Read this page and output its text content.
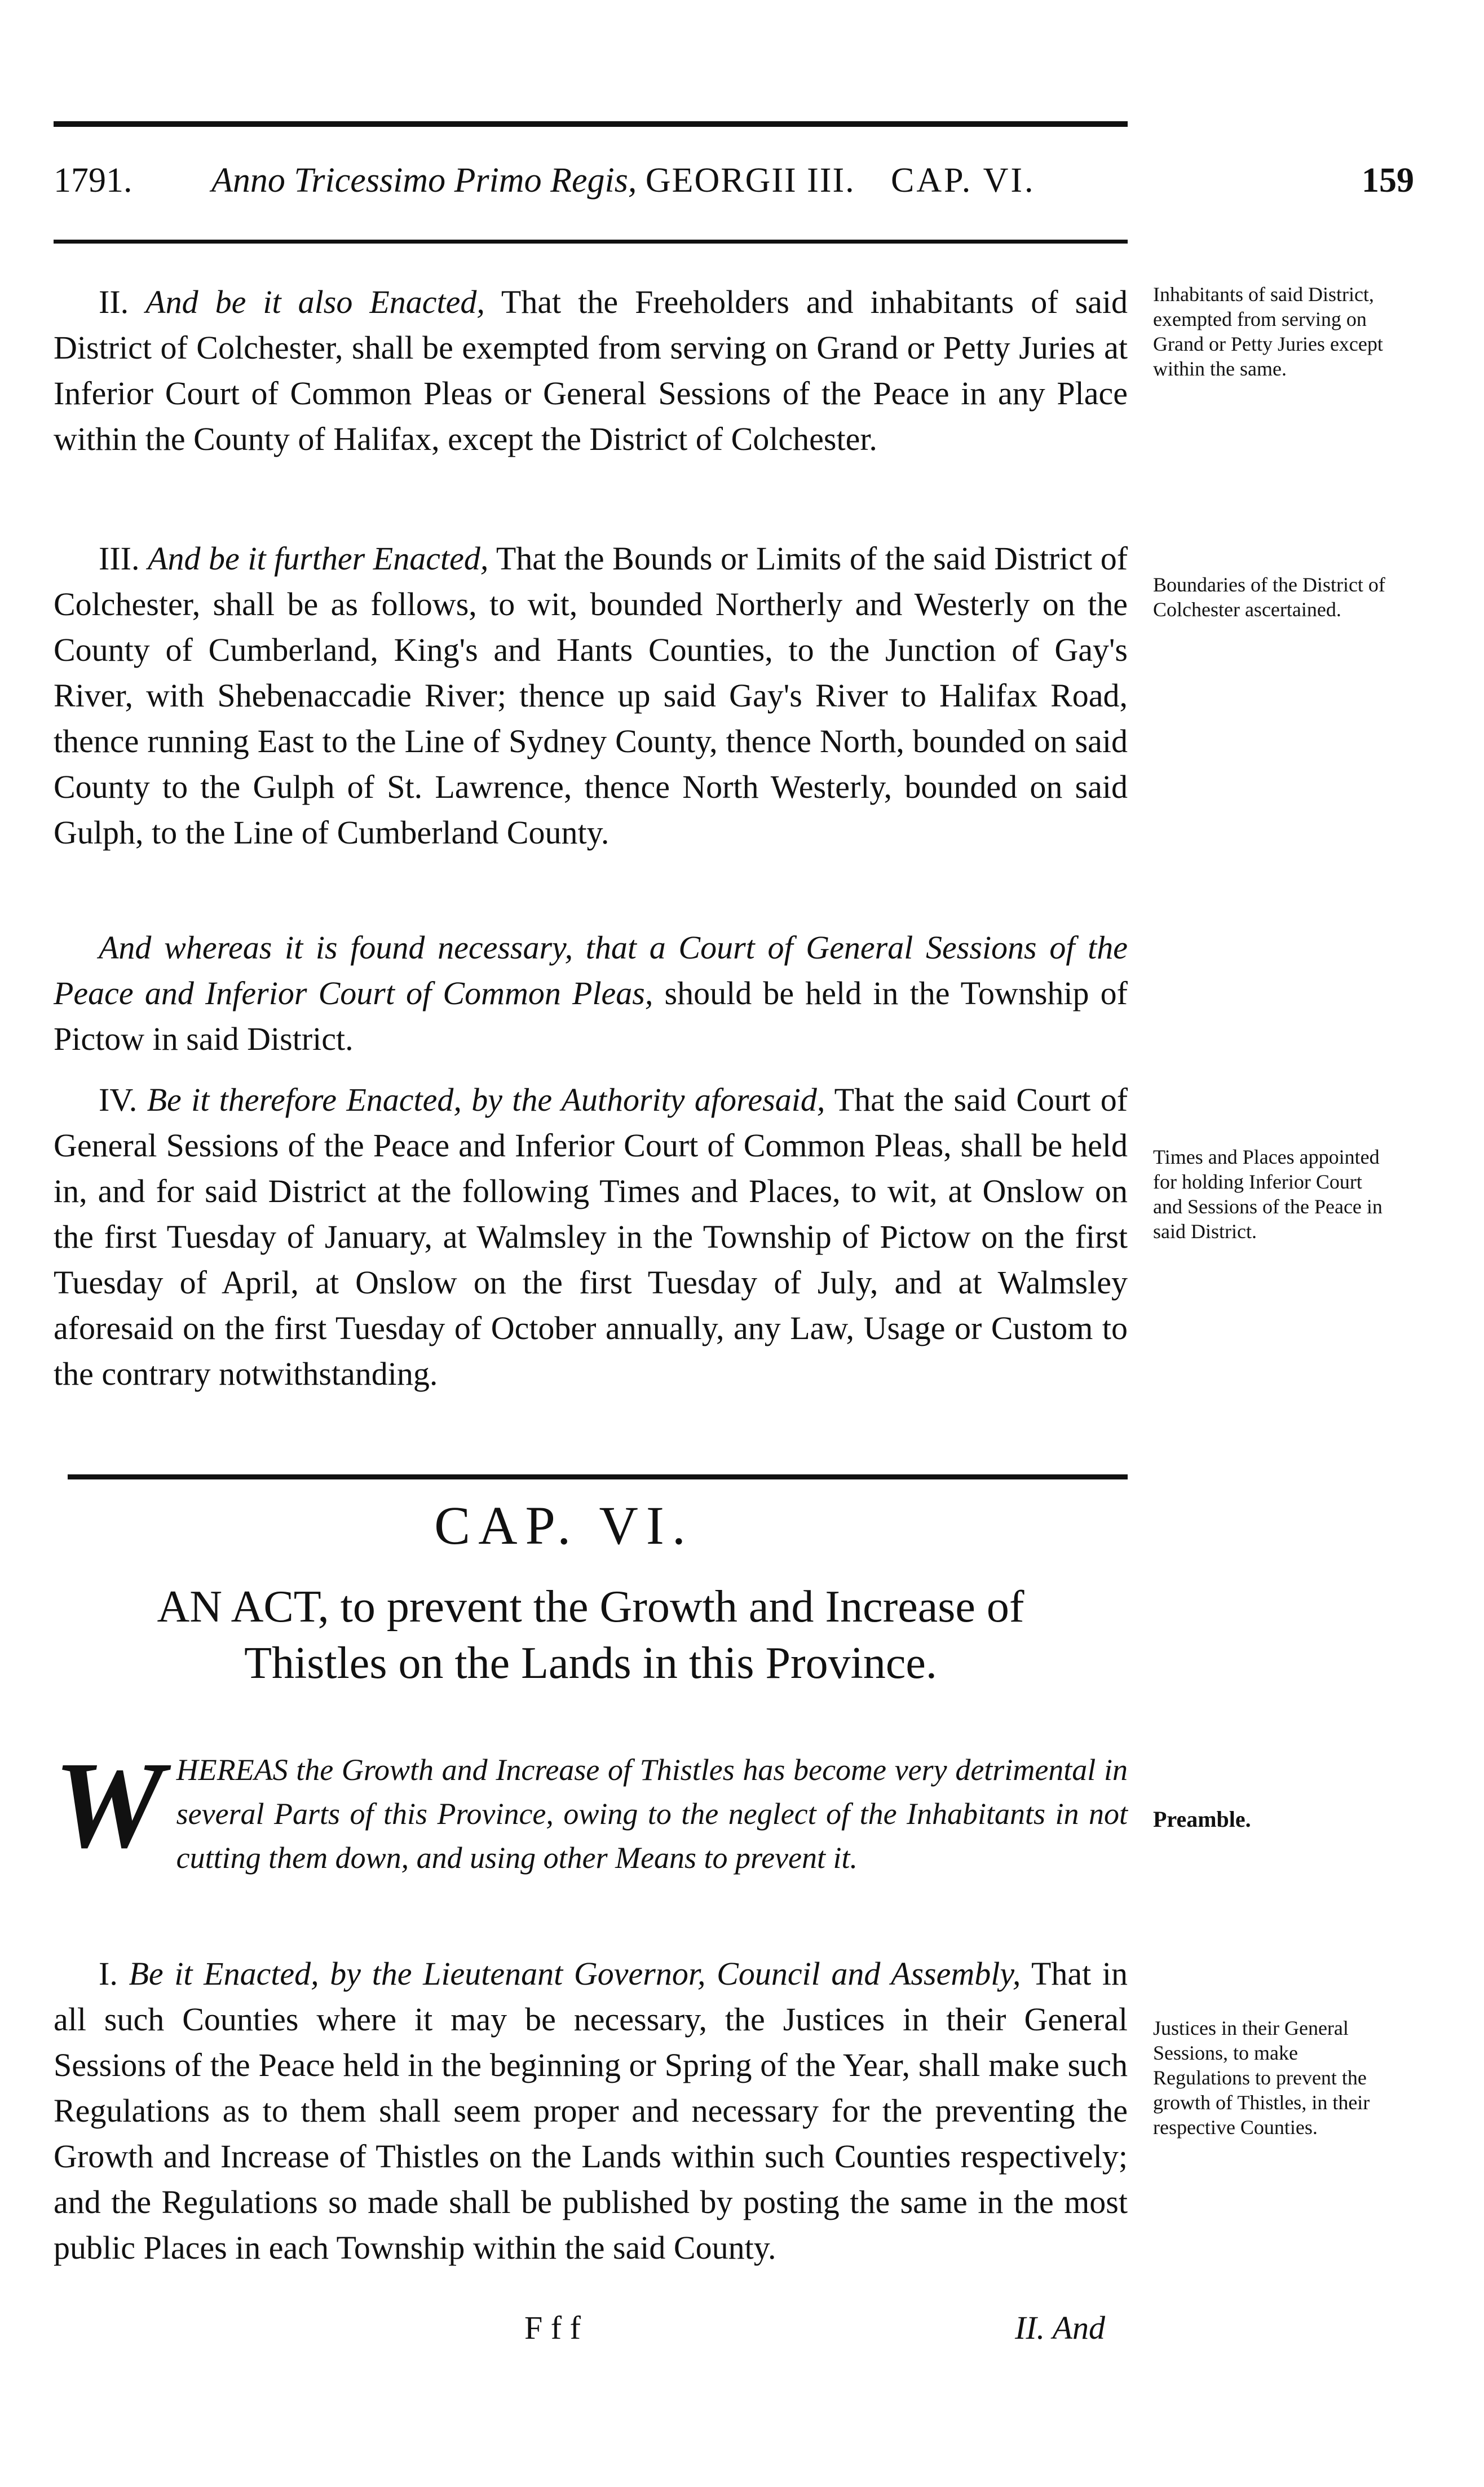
1791. Anno Tricessimo Primo Regis, GEORGII III. CAP. VI.	159

II. And be it also Enacted, That the Freeholders and inhabitants of said District of Colchester, shall be exempted from serving on Grand or Petty Juries at Inferior Court of Common Pleas or General Sessions of the Peace in any Place within the County of Halifax, except the District of Colchester.

Inhabitants of said District, exempted from serving on Grand or Petty Juries except within the same.

III. And be it further Enacted, That the Bounds or Limits of the said District of Colchester, shall be as follows, to wit, bounded Northerly and Westerly on the County of Cumberland, King's and Hants Counties, to the Junction of Gay's River, with Shebenaccadie River; thence up said Gay's River to Halifax Road, thence running East to the Line of Sydney County, thence North, bounded on said County to the Gulph of St. Lawrence, thence North Westerly, bounded on said Gulph, to the Line of Cumberland County.

Boundaries of the District of Colchester ascertained.

And whereas it is found necessary, that a Court of General Sessions of the Peace and Inferior Court of Common Pleas, should be held in the Township of Pictow in said District.

IV. Be it therefore Enacted, by the Authority aforesaid, That the said Court of General Sessions of the Peace and Inferior Court of Common Pleas, shall be held in, and for said District at the following Times and Places, to wit, at Onslow on the first Tuesday of January, at Walmsley in the Township of Pictow on the first Tuesday of April, at Onslow on the first Tuesday of July, and at Walmsley aforesaid on the first Tuesday of October annually, any Law, Usage or Custom to the contrary notwithstanding.

Times and Places appointed for holding Inferior Court and Sessions of the Peace in said District.
CAP. VI.
AN ACT, to prevent the Growth and Increase of
Thistles on the Lands in this Province.
W HEREAS the Growth and Increase of Thistles has become very detrimental in several Parts of this Province, owing to the neglect of the Inhabitants in not cutting them down, and using other Means to prevent it.
Preamble.

I. Be it Enacted, by the Lieutenant Governor, Council and Assembly, That in all such Counties where it may be necessary, the Justices in their General Sessions of the Peace held in the beginning or Spring of the Year, shall make such Regulations as to them shall seem proper and necessary for the preventing the Growth and Increase of Thistles on the Lands within such Counties respectively; and the Regulations so made shall be published by posting the same in the most public Places in each Township within the said County.

Justices in their General Sessions, to make Regulations to prevent the growth of Thistles, in their respective Counties.
F f f	II. And
